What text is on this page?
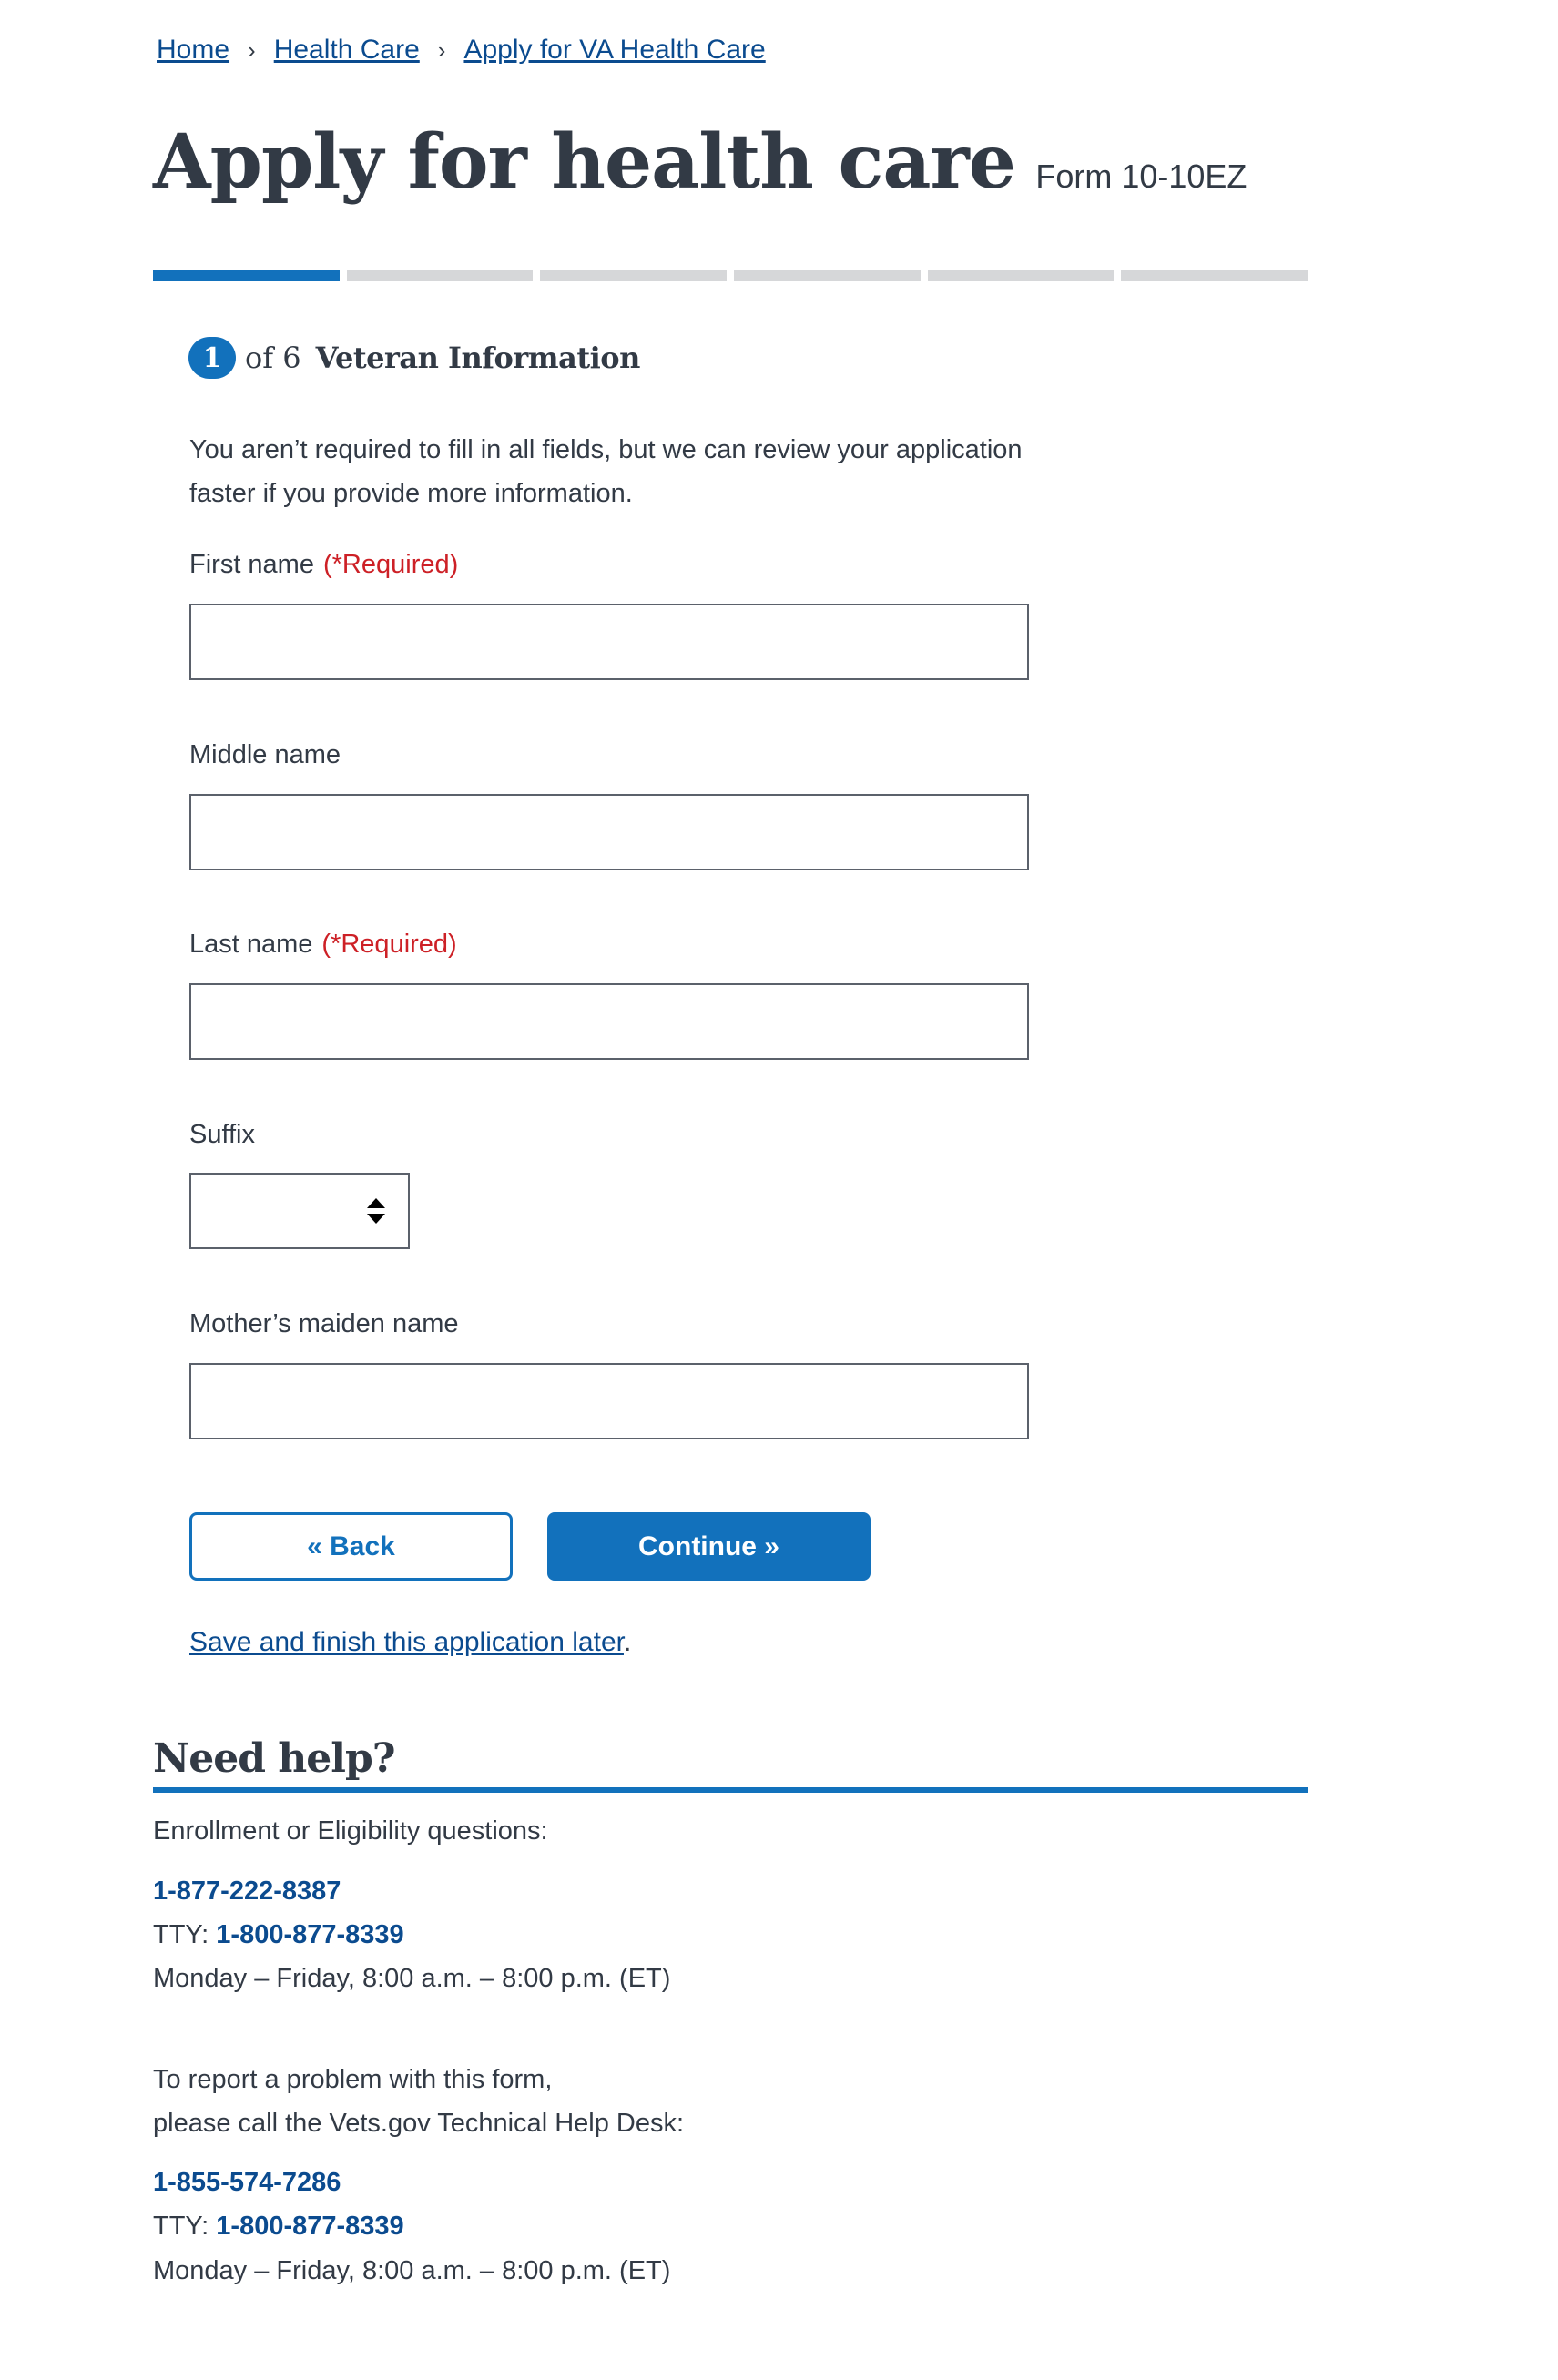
Home › Health Care › Apply for VA Health Care
Apply for health care Form 10-10EZ
1 of 6 Veteran Information
You aren’t required to fill in all fields, but we can review your application
faster if you provide more information.
First name (*Required)
Middle name
Last name (*Required)
Suffix
Mother’s maiden name
« Back	Continue »
Save and finish this application later.
Need help?
Enrollment or Eligibility questions:
1-877-222-8387
TTY: 1-800-877-8339
Monday – Friday, 8:00 a.m. – 8:00 p.m. (ET)
To report a problem with this form,
please call the Vets.gov Technical Help Desk:
1-855-574-7286
TTY: 1-800-877-8339
Monday – Friday, 8:00 a.m. – 8:00 p.m. (ET)
